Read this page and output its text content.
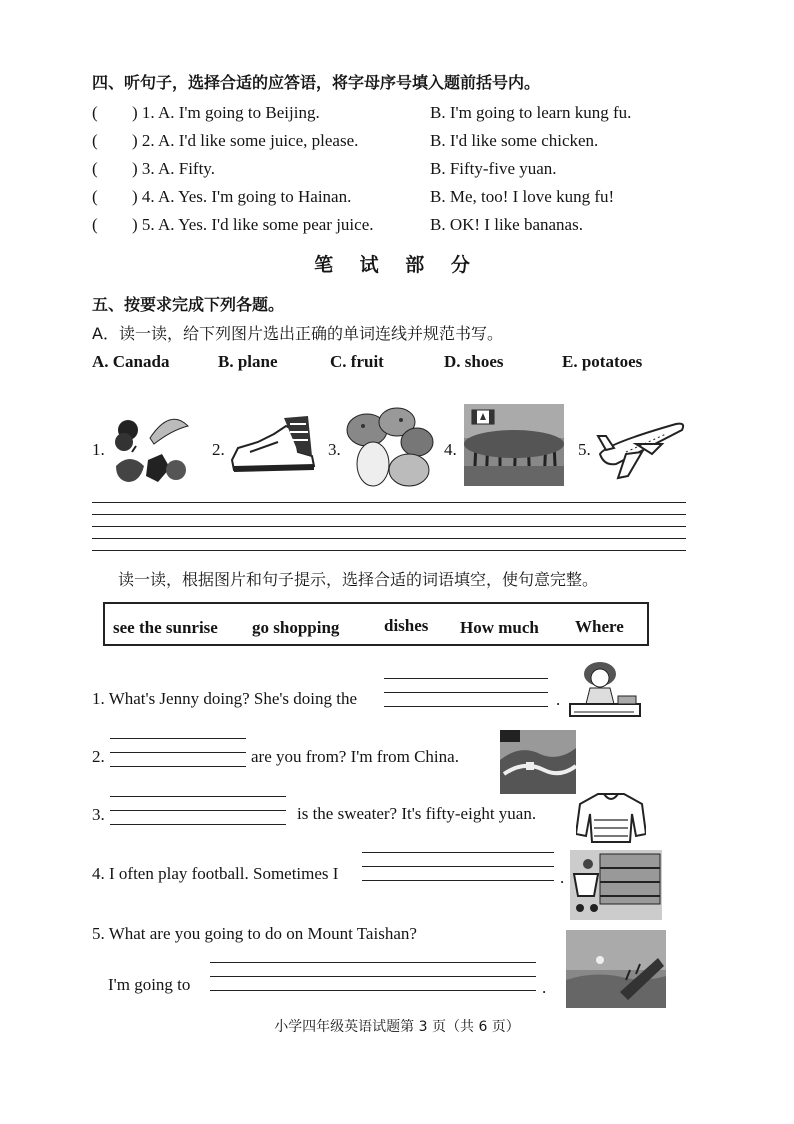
四、听句子，选择合适的应答语，将字母序号填入题前括号内。
(	) 1. A. I'm going to Beijing.	B. I'm going to learn kung fu.
(	) 2. A. I'd like some juice, please.	B. I'd like some chicken.
(	) 3. A. Fifty.	B. Fifty-five yuan.
(	) 4. A. Yes. I'm going to Hainan.	B. Me, too! I love kung fu!
(	) 5. A. Yes. I'd like some pear juice.	B. OK! I like bananas.
笔 试 部 分
五、按要求完成下列各题。
A．读一读，给下列图片选出正确的单词连线并规范书写。
A. Canada	B. plane	C. fruit	D. shoes	E. potatoes
1.	2.	3.	4.	5.
读一读，根据图片和句子提示，选择合适的词语填空，使句意完整。
see the sunrise go shopping	dishes How much Where
1. What's Jenny doing? She's doing the	.
2.	are you from? I'm from China.
3.	is the sweater? It's fifty-eight yuan.
4. I often play football. Sometimes I	.
5. What are you going to do on Mount Taishan?
I'm going to	.
小学四年级英语试题第 3 页（共 6 页）
